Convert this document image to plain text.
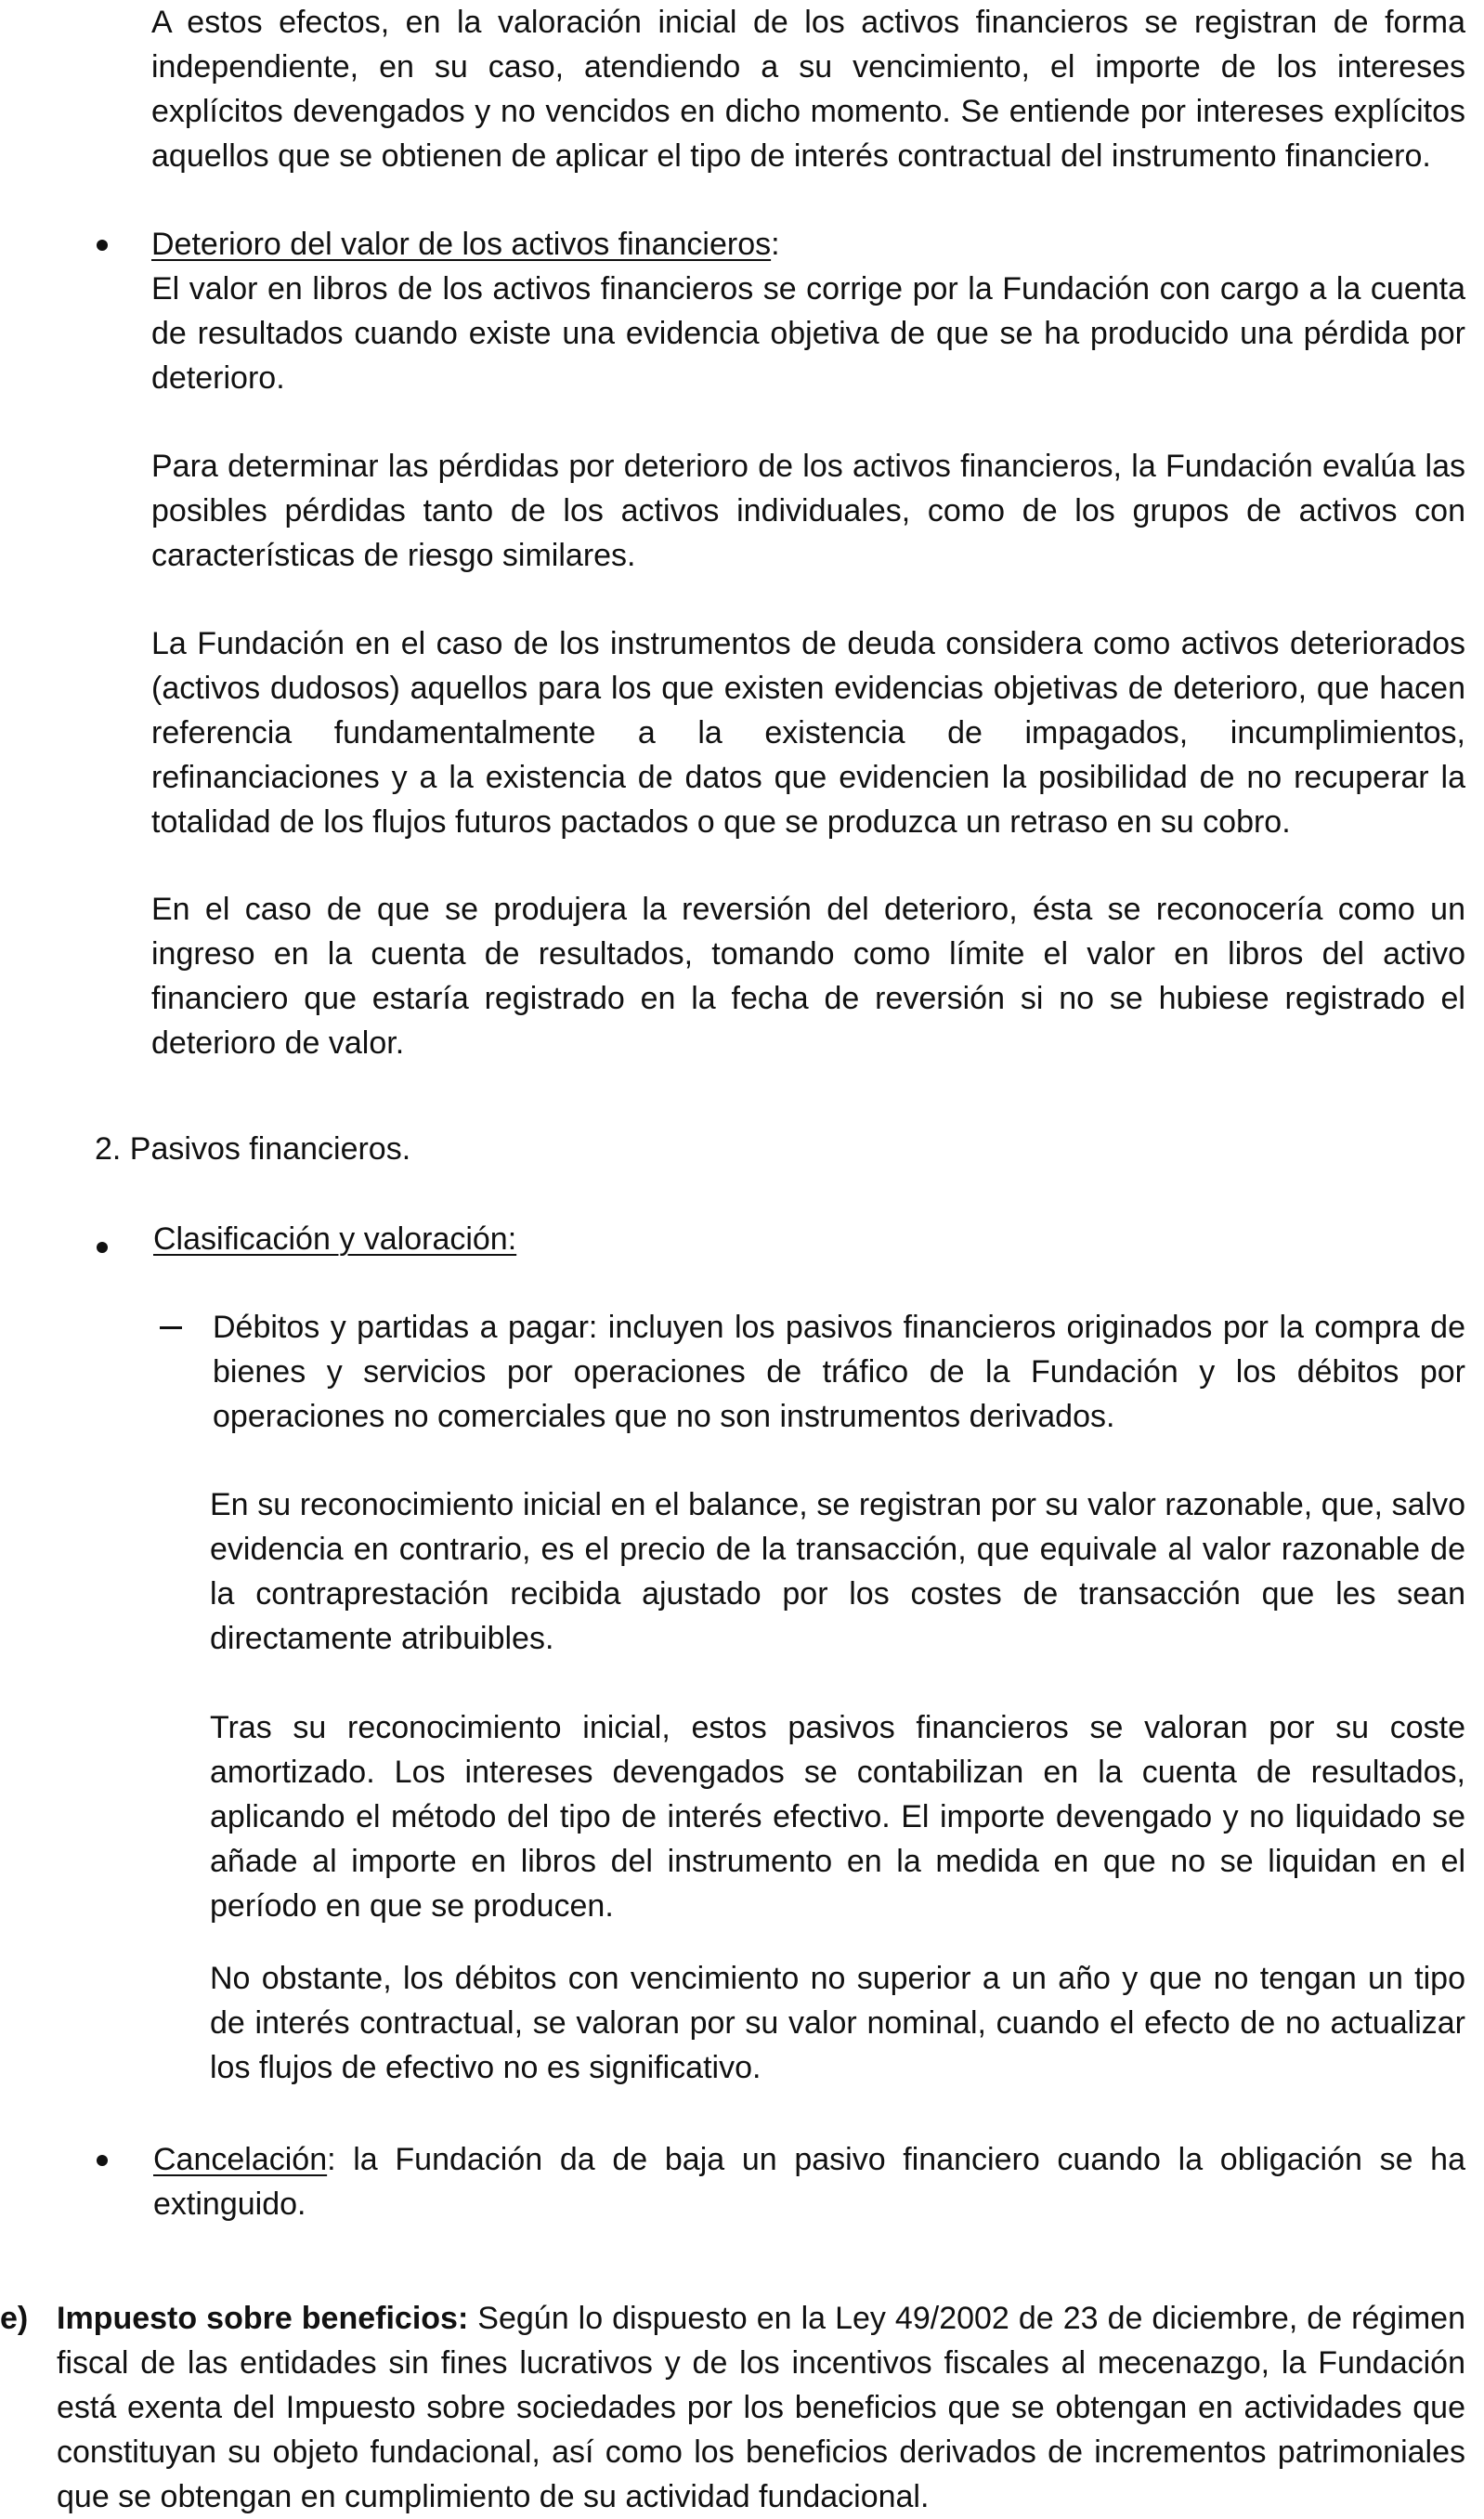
A estos efectos, en la valoración inicial de los activos financieros se registran de forma independiente, en su caso, atendiendo a su vencimiento, el importe de los intereses explícitos devengados y no vencidos en dicho momento. Se entiende por intereses explícitos aquellos que se obtienen de aplicar el tipo de interés contractual del instrumento financiero.
Deterioro del valor de los activos financieros:
El valor en libros de los activos financieros se corrige por la Fundación con cargo a la cuenta de resultados cuando existe una evidencia objetiva de que se ha producido una pérdida por deterioro.
Para determinar las pérdidas por deterioro de los activos financieros, la Fundación evalúa las posibles pérdidas tanto de los activos individuales, como de los grupos de activos con características de riesgo similares.
La Fundación en el caso de los instrumentos de deuda considera como activos deteriorados (activos dudosos) aquellos para los que existen evidencias objetivas de deterioro, que hacen referencia fundamentalmente a la existencia de impagados, incumplimientos, refinanciaciones y a la existencia de datos que evidencien la posibilidad de no recuperar la totalidad de los flujos futuros pactados o que se produzca un retraso en su cobro.
En el caso de que se produjera la reversión del deterioro, ésta se reconocería como un ingreso en la cuenta de resultados, tomando como límite el valor en libros del activo financiero que estaría registrado en la fecha de reversión si no se hubiese registrado el deterioro de valor.
2. Pasivos financieros.
Clasificación y valoración:
Débitos y partidas a pagar: incluyen los pasivos financieros originados por la compra de bienes y servicios por operaciones de tráfico de la Fundación y los débitos por operaciones no comerciales que no son instrumentos derivados.
En su reconocimiento inicial en el balance, se registran por su valor razonable, que, salvo evidencia en contrario, es el precio de la transacción, que equivale al valor razonable de la contraprestación recibida ajustado por los costes de transacción que les sean directamente atribuibles.
Tras su reconocimiento inicial, estos pasivos financieros se valoran por su coste amortizado. Los intereses devengados se contabilizan en la cuenta de resultados, aplicando el método del tipo de interés efectivo. El importe devengado y no liquidado se añade al importe en libros del instrumento en la medida en que no se liquidan en el período en que se producen.
No obstante, los débitos con vencimiento no superior a un año y que no tengan un tipo de interés contractual, se valoran por su valor nominal, cuando el efecto de no actualizar los flujos de efectivo no es significativo.
Cancelación: la Fundación da de baja un pasivo financiero cuando la obligación se ha extinguido.
e) Impuesto sobre beneficios: Según lo dispuesto en la Ley 49/2002 de 23 de diciembre, de régimen fiscal de las entidades sin fines lucrativos y de los incentivos fiscales al mecenazgo, la Fundación está exenta del Impuesto sobre sociedades por los beneficios que se obtengan en actividades que constituyan su objeto fundacional, así como los beneficios derivados de incrementos patrimoniales que se obtengan en cumplimiento de su actividad fundacional.
